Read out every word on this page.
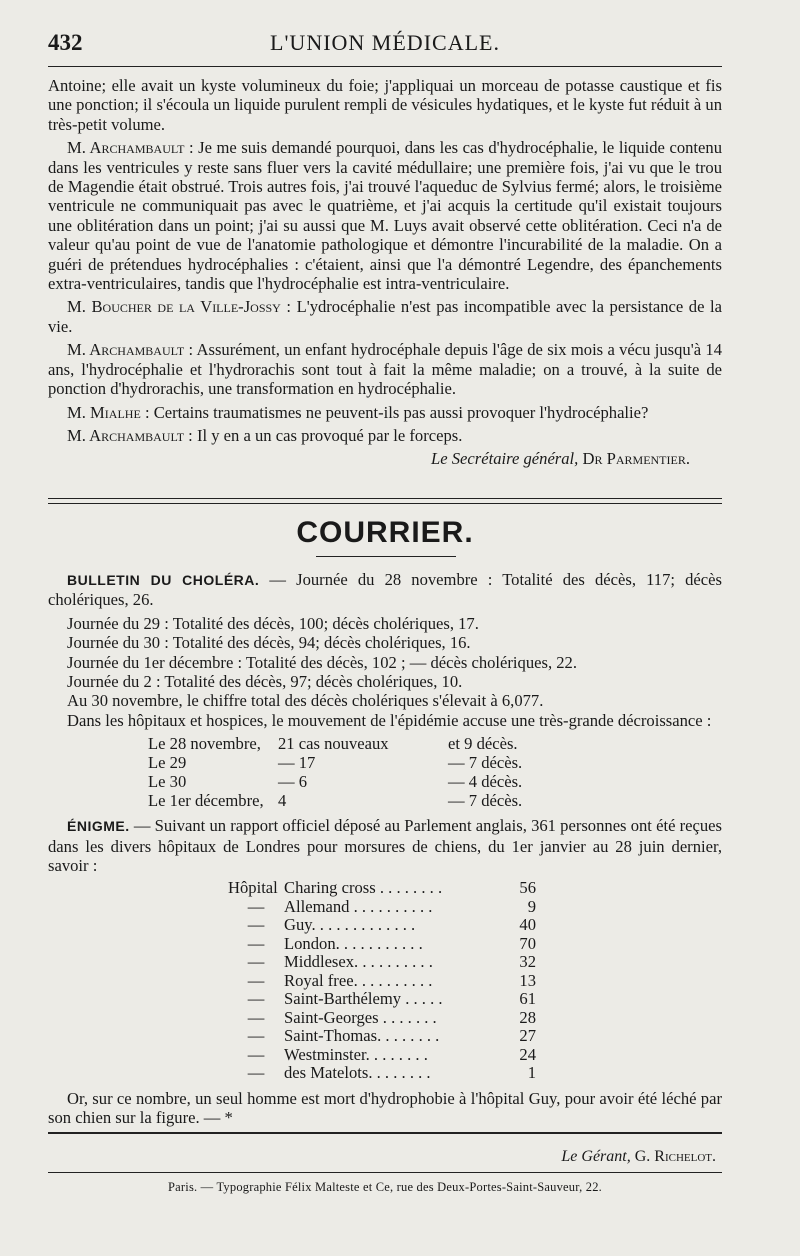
432	L'UNION MÉDICALE.

Antoine; elle avait un kyste volumineux du foie; j'appliquai un morceau de potasse caustique et fis une ponction; il s'écoula un liquide purulent rempli de vésicules hydatiques, et le kyste fut réduit à un très-petit volume.

M. Archambault : Je me suis demandé pourquoi, dans les cas d'hydrocéphalie, le liquide contenu dans les ventricules y reste sans fluer vers la cavité médullaire; une première fois, j'ai vu que le trou de Magendie était obstrué. Trois autres fois, j'ai trouvé l'aqueduc de Sylvius fermé; alors, le troisième ventricule ne communiquait pas avec le quatrième, et j'ai acquis la certitude qu'il existait toujours une oblitération dans un point; j'ai su aussi que M. Luys avait observé cette oblitération. Ceci n'a de valeur qu'au point de vue de l'anatomie pathologique et démontre l'incurabilité de la maladie. On a guéri de prétendues hydrocéphalies : c'étaient, ainsi que l'a démontré Legendre, des épanchements extra-ventriculaires, tandis que l'hydrocéphalie est intra-ventriculaire.

M. Boucher de la Ville-Jossy : L'ydrocéphalie n'est pas incompatible avec la persistance de la vie.

M. Archambault : Assurément, un enfant hydrocéphale depuis l'âge de six mois a vécu jusqu'à 14 ans, l'hydrocéphalie et l'hydrorachis sont tout à fait la même maladie; on a trouvé, à la suite de ponction d'hydrorachis, une transformation en hydrocéphalie.

M. Mialhe : Certains traumatismes ne peuvent-ils pas aussi provoquer l'hydrocéphalie?

M. Archambault : Il y en a un cas provoqué par le forceps.

Le Secrétaire général, Dr Parmentier.

COURRIER.

BULLETIN DU CHOLÉRA. — Journée du 28 novembre : Totalité des décès, 117; décès cholériques, 26.

Journée du 29 : Totalité des décès, 100; décès cholériques, 17.
Journée du 30 : Totalité des décès, 94; décès cholériques, 16.
Journée du 1er décembre : Totalité des décès, 102 ; — décès cholériques, 22.
Journée du 2 : Totalité des décès, 97; décès cholériques, 10.
Au 30 novembre, le chiffre total des décès cholériques s'élevait à 6,077.

Dans les hôpitaux et hospices, le mouvement de l'épidémie accuse une très-grande décroissance :

Le 28 novembre,	21 cas nouveaux	et 9 décès.
Le 29	— 17	— 7 décès.
Le 30	— 6	— 4 décès.
Le 1er décembre,	4	— 7 décès.

ÉNIGME. — Suivant un rapport officiel déposé au Parlement anglais, 361 personnes ont été reçues dans les divers hôpitaux de Londres pour morsures de chiens, du 1er janvier au 28 juin dernier, savoir :

Hôpital	Charing cross . . . . . . . .	56
—	Allemand . . . . . . . . . .	9
—	Guy. . . . . . . . . . . . .	40
—	London. . . . . . . . . . .	70
—	Middlesex. . . . . . . . . .	32
—	Royal free. . . . . . . . . .	13
—	Saint-Barthélemy . . . . .	61
—	Saint-Georges . . . . . . .	28
—	Saint-Thomas. . . . . . . .	27
—	Westminster. . . . . . . .	24
—	des Matelots. . . . . . . .	1

Or, sur ce nombre, un seul homme est mort d'hydrophobie à l'hôpital Guy, pour avoir été léché par son chien sur la figure. — *

Le Gérant, G. Richelot.
Paris. — Typographie Félix Malteste et Ce, rue des Deux-Portes-Saint-Sauveur, 22.
